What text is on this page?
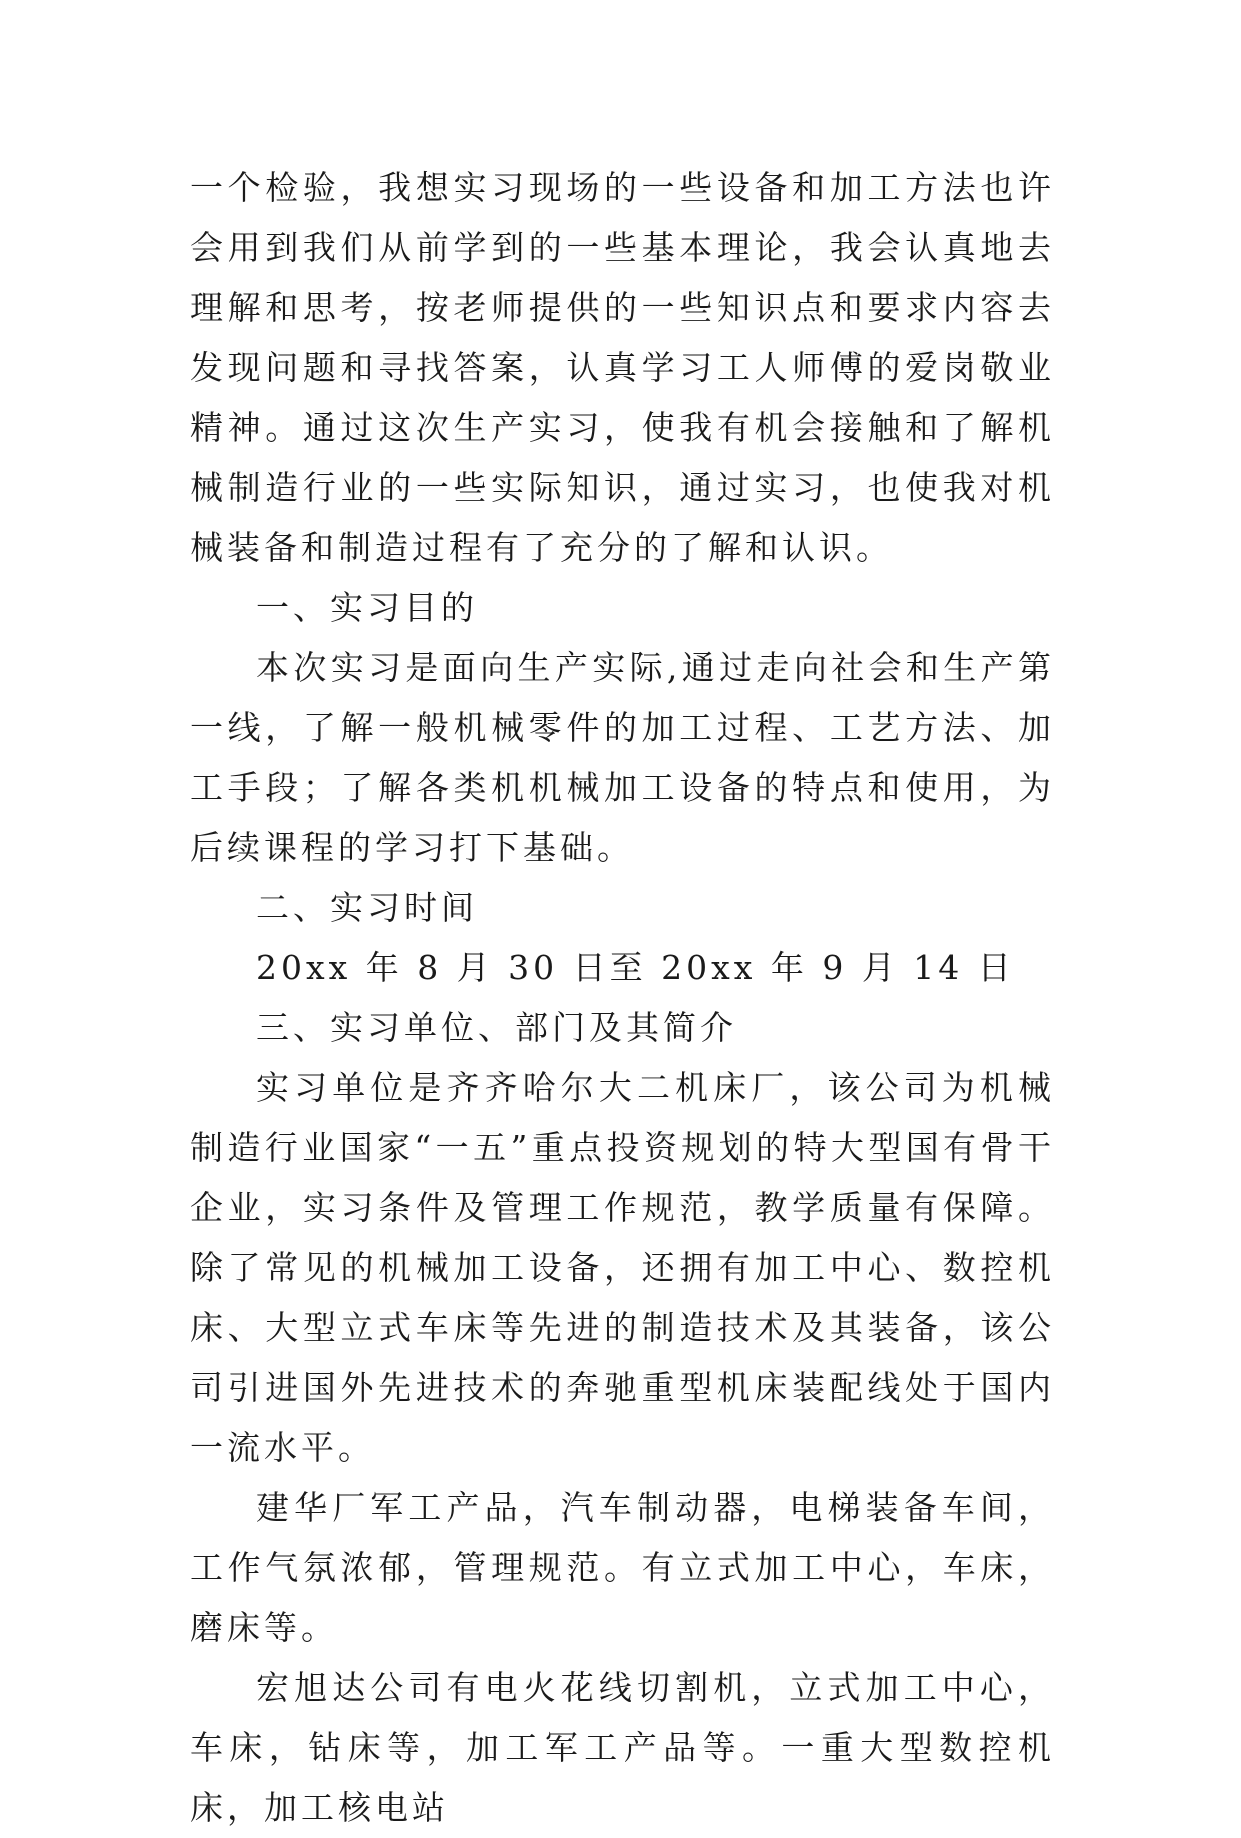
一个检验，我想实习现场的一些设备和加工方法也许会用到我们从前学到的一些基本理论，我会认真地去理解和思考，按老师提供的一些知识点和要求内容去发现问题和寻找答案，认真学习工人师傅的爱岗敬业精神。通过这次生产实习，使我有机会接触和了解机械制造行业的一些实际知识，通过实习，也使我对机械装备和制造过程有了充分的了解和认识。

一、实习目的

本次实习是面向生产实际,通过走向社会和生产第一线，了解一般机械零件的加工过程、工艺方法、加工手段；了解各类机机械加工设备的特点和使用，为后续课程的学习打下基础。

二、实习时间

20xx 年 8 月 30 日至 20xx 年 9 月 14 日

三、实习单位、部门及其简介

实习单位是齐齐哈尔大二机床厂，该公司为机械制造行业国家“一五”重点投资规划的特大型国有骨干企业，实习条件及管理工作规范，教学质量有保障。除了常见的机械加工设备，还拥有加工中心、数控机床、大型立式车床等先进的制造技术及其装备，该公司引进国外先进技术的奔驰重型机床装配线处于国内一流水平。

建华厂军工产品，汽车制动器，电梯装备车间，工作气氛浓郁，管理规范。有立式加工中心，车床，磨床等。

宏旭达公司有电火花线切割机，立式加工中心，车床，钻床等，加工军工产品等。一重大型数控机床，加工核电站
